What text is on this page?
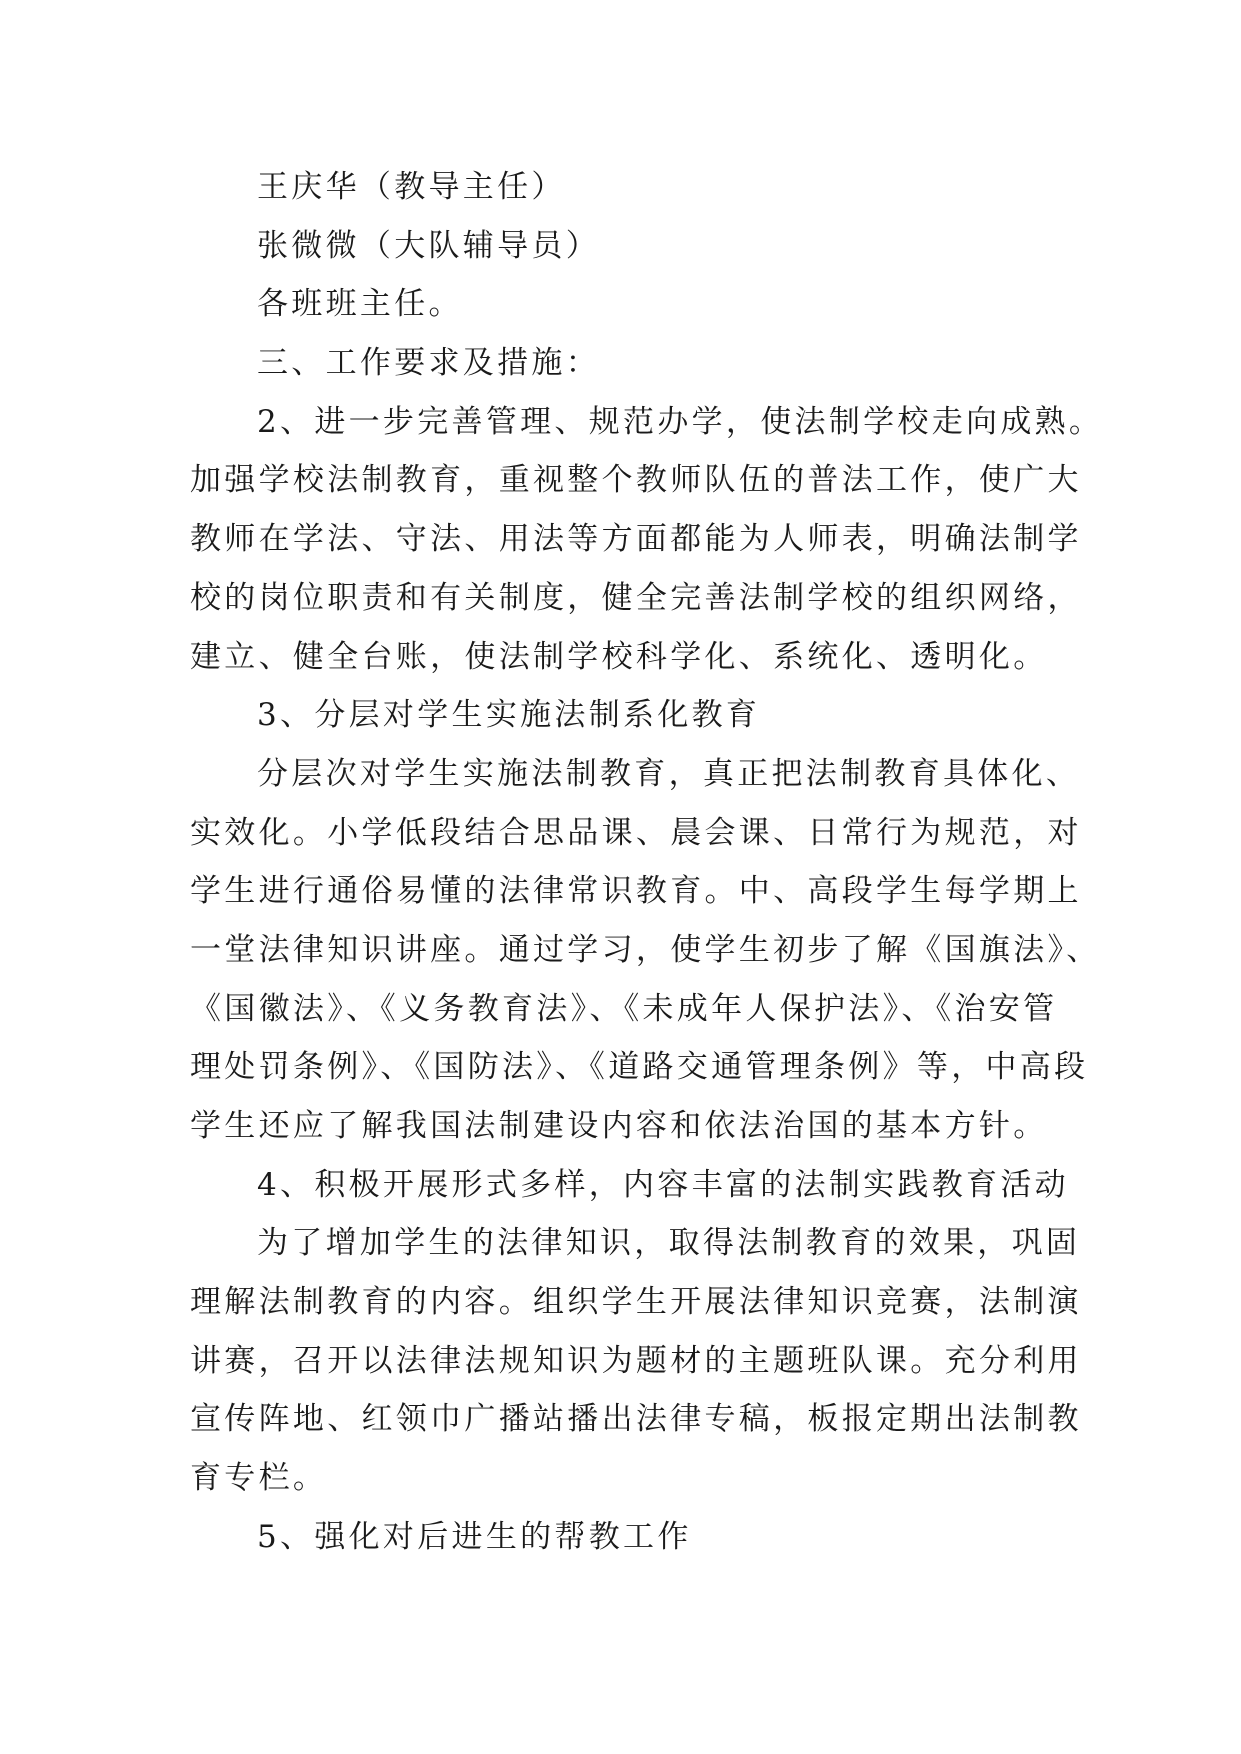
王庆华（教导主任）

张微微（大队辅导员）

各班班主任。

三、工作要求及措施：

2、进一步完善管理、规范办学，使法制学校走向成熟。
加强学校法制教育，重视整个教师队伍的普法工作，使广大
教师在学法、守法、用法等方面都能为人师表，明确法制学
校的岗位职责和有关制度，健全完善法制学校的组织网络，
建立、健全台账，使法制学校科学化、系统化、透明化。

3、分层对学生实施法制系化教育

分层次对学生实施法制教育，真正把法制教育具体化、
实效化。小学低段结合思品课、晨会课、日常行为规范，对
学生进行通俗易懂的法律常识教育。中、高段学生每学期上
一堂法律知识讲座。通过学习，使学生初步了解《国旗法》、
《国徽法》、《义务教育法》、《未成年人保护法》、《治安管
理处罚条例》、《国防法》、《道路交通管理条例》等，中高段
学生还应了解我国法制建设内容和依法治国的基本方针。

4、积极开展形式多样，内容丰富的法制实践教育活动

为了增加学生的法律知识，取得法制教育的效果，巩固
理解法制教育的内容。组织学生开展法律知识竞赛，法制演
讲赛，召开以法律法规知识为题材的主题班队课。充分利用
宣传阵地、红领巾广播站播出法律专稿，板报定期出法制教
育专栏。

5、强化对后进生的帮教工作
